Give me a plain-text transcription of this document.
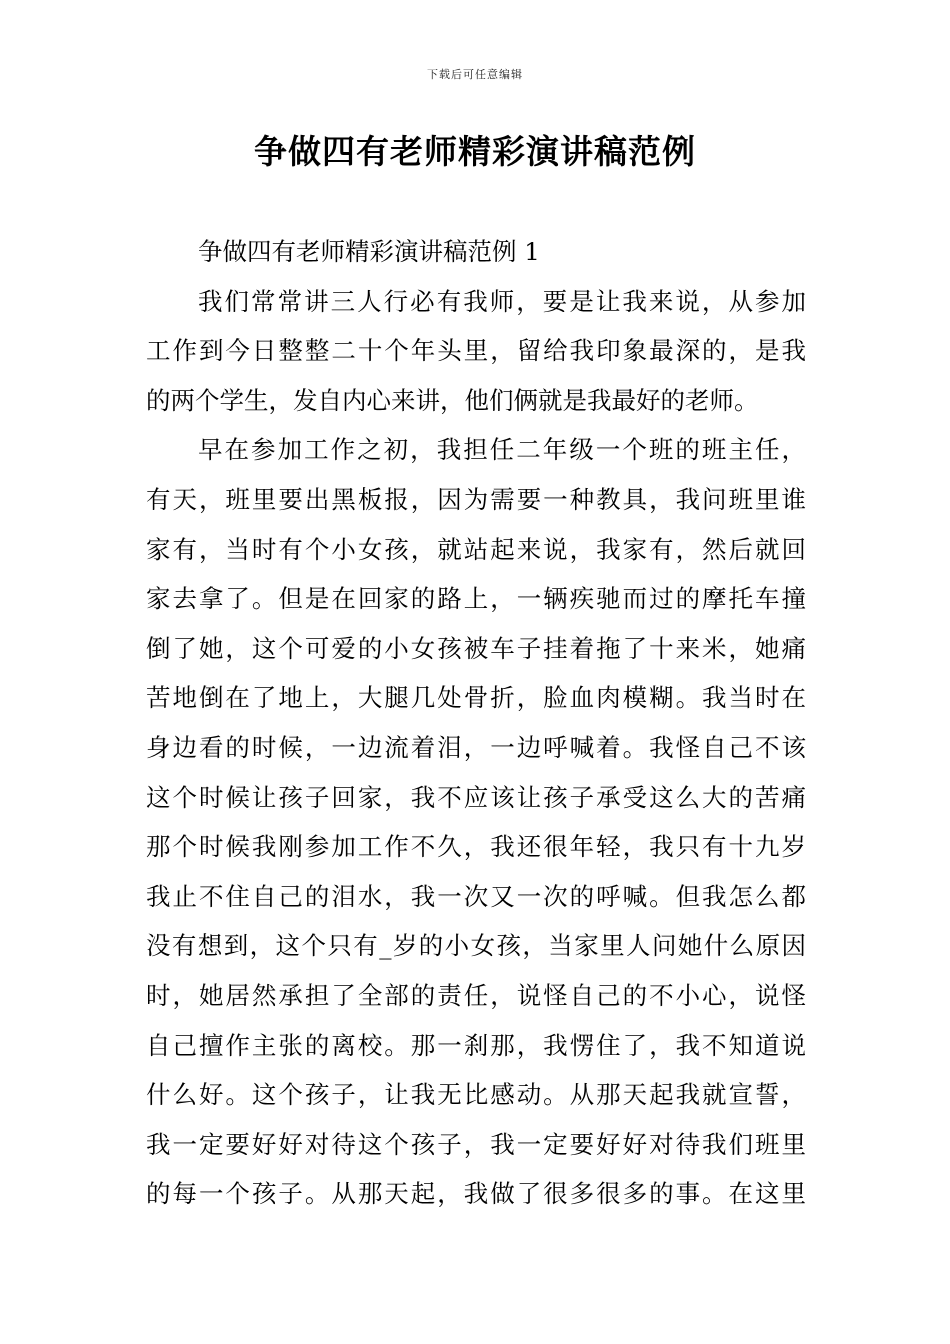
下载后可任意编辑
争做四有老师精彩演讲稿范例
争做四有老师精彩演讲稿范例 1
我们常常讲三人行必有我师，要是让我来说，从参加
工作到今日整整二十个年头里，留给我印象最深的，是我
的两个学生，发自内心来讲，他们俩就是我最好的老师。
早在参加工作之初，我担任二年级一个班的班主任，
有天，班里要出黑板报，因为需要一种教具，我问班里谁
家有，当时有个小女孩，就站起来说，我家有，然后就回
家去拿了。但是在回家的路上，一辆疾驰而过的摩托车撞
倒了她，这个可爱的小女孩被车子挂着拖了十来米，她痛
苦地倒在了地上，大腿几处骨折，脸血肉模糊。我当时在
身边看的时候，一边流着泪，一边呼喊着。我怪自己不该
这个时候让孩子回家，我不应该让孩子承受这么大的苦痛
那个时候我刚参加工作不久，我还很年轻，我只有十九岁
我止不住自己的泪水，我一次又一次的呼喊。但我怎么都
没有想到，这个只有_岁的小女孩，当家里人问她什么原因
时，她居然承担了全部的责任，说怪自己的不小心，说怪
自己擅作主张的离校。那一刹那，我愣住了，我不知道说
什么好。这个孩子，让我无比感动。从那天起我就宣誓，
我一定要好好对待这个孩子，我一定要好好对待我们班里
的每一个孩子。从那天起，我做了很多很多的事。在这里
